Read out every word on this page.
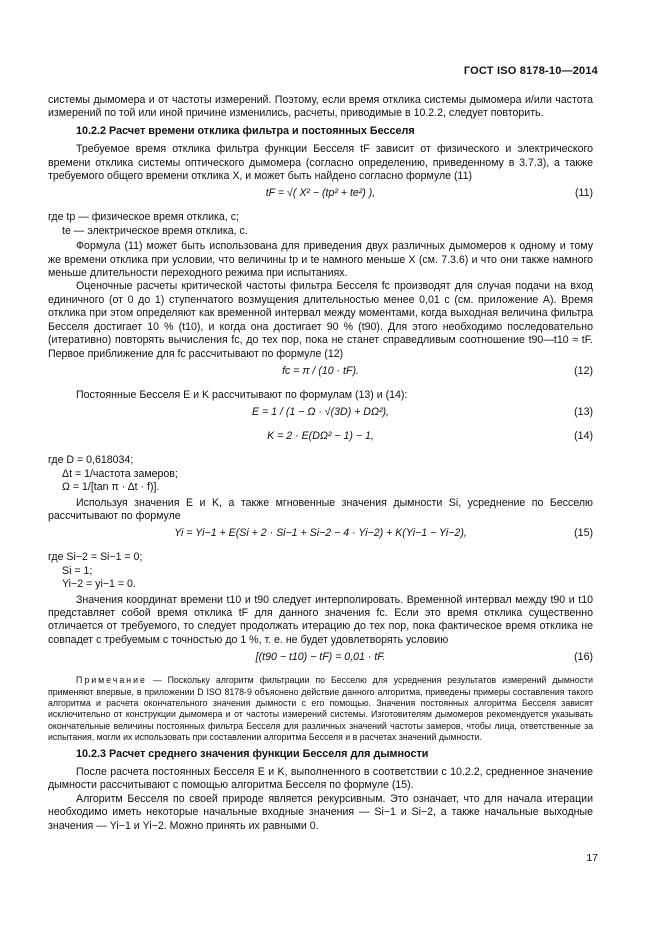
ГОСТ ISO 8178-10—2014

системы дымомера и от частоты измерений. Поэтому, если время отклика системы дымомера и/или частота измерений по той или иной причине изменились, расчеты, приводимые в 10.2.2, следует повторить.

10.2.2 Расчет времени отклика фильтра и постоянных Бесселя

Требуемое время отклика фильтра функции Бесселя tF зависит от физического и электрического времени отклика системы оптического дымомера (согласно определению, приведенному в 3.7.3), а также требуемого общего времени отклика X, и может быть найдено согласно формуле (11)

tF = √( X² − (tp² + te²) ),	(11)
где tp — физическое время отклика, с;
te — электрическое время отклика, с.

Формула (11) может быть использована для приведения двух различных дымомеров к одному и тому же времени отклика при условии, что величины tp и te намного меньше X (см. 7.3.6) и что они также намного меньше длительности переходного режима при испытаниях.

Оценочные расчеты критической частоты фильтра Бесселя fc производят для случая подачи на вход единичного (от 0 до 1) ступенчатого возмущения длительностью менее 0,01 с (см. приложение А). Время отклика при этом определяют как временной интервал между моментами, когда выходная величина фильтра Бесселя достигает 10 % (t10), и когда она достигает 90 % (t90). Для этого необходимо последовательно (итеративно) повторять вычисления fc, до тех пор, пока не станет справедливым соотношение t90—t10 ≈ tF. Первое приближение для fc рассчитывают по формуле (12)

fc = π / (10 · tF).	(12)

Постоянные Бесселя E и K рассчитывают по формулам (13) и (14):

E = 1 / (1 − Ω · √(3D) + DΩ²),	(13)
K = 2 · E(DΩ² − 1) − 1,	(14)
где D = 0,618034;
Δt = 1/частота замеров;
Ω = 1/[tan π · Δt · f)].

Используя значения E и K, а также мгновенные значения дымности Si, усреднение по Бесселю рассчитывают по формуле

Yi = Yi−1 + E(Si + 2 · Si−1 + Si−2 − 4 · Yi−2) + K(Yi−1 − Yi−2),	(15)
где Si−2 = Si−1 = 0;
Si = 1;
Yi−2 = yi−1 = 0.

Значения координат времени t10 и t90 следует интерполировать. Временной интервал между t90 и t10 представляет собой время отклика tF для данного значения fc. Если это время отклика существенно отличается от требуемого, то следует продолжать итерацию до тех пор, пока фактическое время отклика не совпадет с требуемым с точностью до 1 %, т. е. не будет удовлетворять условию

[(t90 − t10) − tF) = 0,01 · tF.	(16)

Примечание — Поскольку алгоритм фильтрации по Бесселю для усреднения результатов измерений дымности применяют впервые, в приложении D ISO 8178-9 объяснено действие данного алгоритма, приведены примеры составления такого алгоритма и расчета окончательного значения дымности с его помощью. Значения постоянных алгоритма Бесселя зависят исключительно от конструкции дымомера и от частоты измерений системы. Изготовителям дымомеров рекомендуется указывать окончательные величины постоянных фильтра Бесселя для различных значений частоты замеров, чтобы лица, ответственные за испытания, могли их использовать при составлении алгоритма Бесселя и в расчетах значений дымности.

10.2.3 Расчет среднего значения функции Бесселя для дымности

После расчета постоянных Бесселя E и K, выполненного в соответствии с 10.2.2, средненное значение дымности рассчитывают с помощью алгоритма Бесселя по формуле (15).

Алгоритм Бесселя по своей природе является рекурсивным. Это означает, что для начала итерации необходимо иметь некоторые начальные входные значения — Si−1 и Si−2, а также начальные выходные значения — Yi−1 и Yi−2. Можно принять их равными 0.

17
